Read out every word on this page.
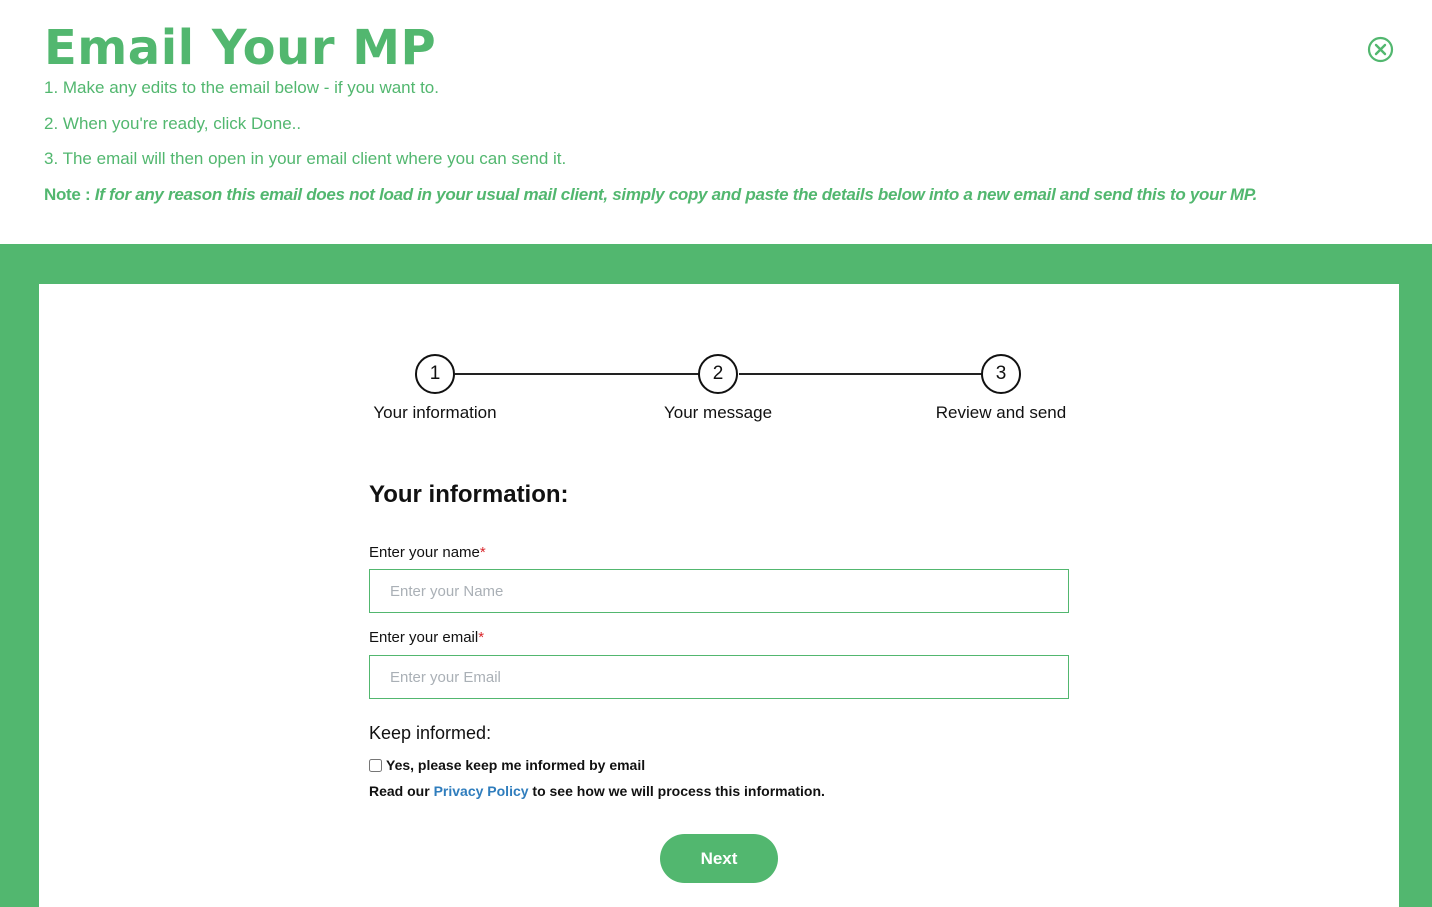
Email Your MP

1. Make any edits to the email below - if you want to.

2. When you're ready, click Done..

3. The email will then open in your email client where you can send it.

Note : If for any reason this email does not load in your usual mail client, simply copy and paste the details below into a new email and send this to your MP.

1	2	3
Your information	Your message	Review and send
Your information:
Enter your name*
Enter your Name
Enter your email*
Enter your Email
Keep informed:
Yes, please keep me informed by email
Read our Privacy Policy to see how we will process this information.
Next
